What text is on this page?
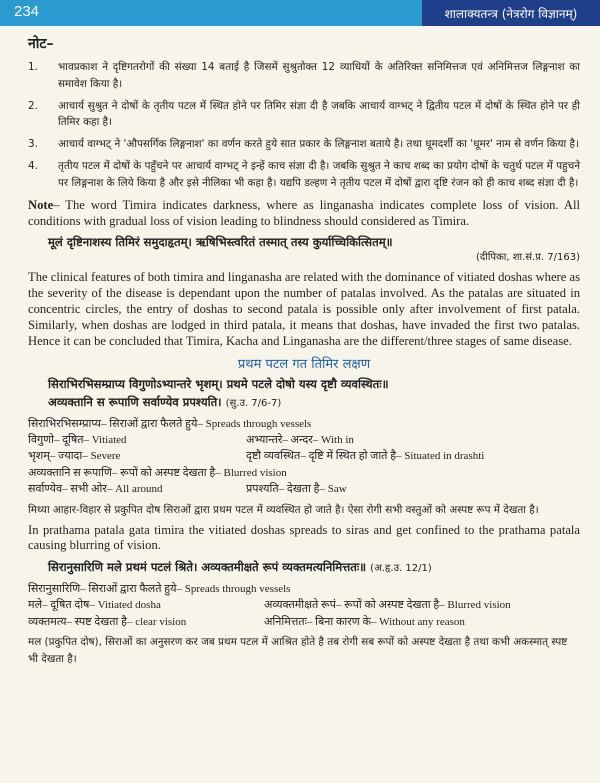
234	शालाक्यतन्त्र (नेत्ररोग विज्ञानम्)
नोट–
1.	भावप्रकाश ने दृष्टिगतरोगों की संख्या 14 बताई है जिसमें सुश्रुतोक्त 12 व्याधियों के अतिरिक्त सनिमित्तज एवं अनिमित्तज लिङ्गनाश का समावेश किया है।
2.	आचार्य सुश्रुत ने दोषों के तृतीय पटल में स्थित होने पर तिमिर संज्ञा दी है जबकि आचार्य वाग्भट् ने द्वितीय पटल में दोषों के स्थित होने पर ही तिमिर कहा है।
3.	आचार्य वाग्भट् ने 'औपसर्गिक लिङ्गनाश' का वर्णन करते हुये सात प्रकार के लिङ्गनाश बताये है। तथा धूमदर्शी का 'धूमर' नाम से वर्णन किया है।
4.	तृतीय पटल में दोषों के पहुँचने पर आचार्य वाग्भट् ने इन्हें काच संज्ञा दी है। जबकि सुश्रुत ने काच शब्द का प्रयोग दोषों के चतुर्थ पटल में पहुचने पर लिङ्गनाश के लिये किया है और इसे नीलिका भी कहा है। यद्यपि डल्हण ने तृतीय पटल में दोषों द्वारा दृष्टि रंजन को ही काच शब्द संज्ञा दी है।

Note– The word Timira indicates darkness, where as linganasha indicates complete loss of vision. All conditions with gradual loss of vision leading to blindness should considered as Timira.

मूलं दृष्टिनाशस्य तिमिरं समुदाहृतम्। ऋषिभिस्त्वरितं तस्मात् तस्य कुर्याच्चिकित्सितम्॥
(दीपिका, शा.सं.प्र. 7/163)

The clinical features of both timira and linganasha are related with the dominance of vitiated doshas where as the severity of the disease is dependant upon the number of patalas involved. As the patalas are situated in concentric circles, the entry of doshas to second patala is possible only after involvement of first patala. Similarly, when doshas are lodged in third patala, it means that doshas, have invaded the first two patalas. Hence it can be concluded that Timira, Kacha and Linganasha are the different/three stages of same disease.

प्रथम पटल गत तिमिर लक्षण
सिराभिरभिसम्प्राप्य विगुणोऽभ्यान्तरे भृशम्। प्रथमे पटले दोषो यस्य दृष्टौ व्यवस्थितः॥
अव्यक्तानि स रूपाणि सर्वाण्येव प्रपश्यति। (सु.उ. 7/6-7)
सिराभिरभिसम्प्राप्य– सिराओं द्वारा फैलते हुये– Spreads through vessels
विगुणो– दूषित– Vitiated	अभ्यान्तरे– अन्दर– With in
भृशम्– ज्यादा– Severe	दृष्टौ व्यवस्थित– दृष्टि में स्थित हो जाते है– Situated in drashti
अव्यक्तानि स रूपाणि– रूपों को अस्पष्ट देखता है– Blurred vision
सर्वाण्येव– सभी ओर– All around	प्रपश्यति– देखता है– Saw

मिथ्या आहार-विहार से प्रकुपित दोष सिराओं द्वारा प्रथम पटल में व्यवस्थित हो जाते है। ऐसा रोगी सभी वस्तुओं को अस्पष्ट रूप में देखता है।

In prathama patala gata timira the vitiated doshas spreads to siras and get confined to the prathama patala causing blurring of vision.

सिरानुसारिणि मले प्रथमं पटलं श्रिते। अव्यक्तमीक्षते रूपं व्यक्तमत्यनिमित्ततः॥ (अ.हृ.उ. 12/1)
सिरानुसारिणि– सिराओं द्वारा फैलते हुये– Spreads through vessels
मले– दूषित दोष– Vitiated dosha	अव्यक्तमीक्षते रूपं– रूपों को अस्पष्ट देखता है– Blurred vision
व्यक्तमत्य– स्पष्ट देखता है– clear vision	अनिमित्ततः– बिना कारण के– Without any reason

मल (प्रकुपित दोष), सिराओं का अनुसरण कर जब प्रथम पटल में आश्रित होते है तब रोगी सब रूपों को अस्पष्ट देखता है तथा कभी अकस्मात् स्पष्ट भी देखता है।
